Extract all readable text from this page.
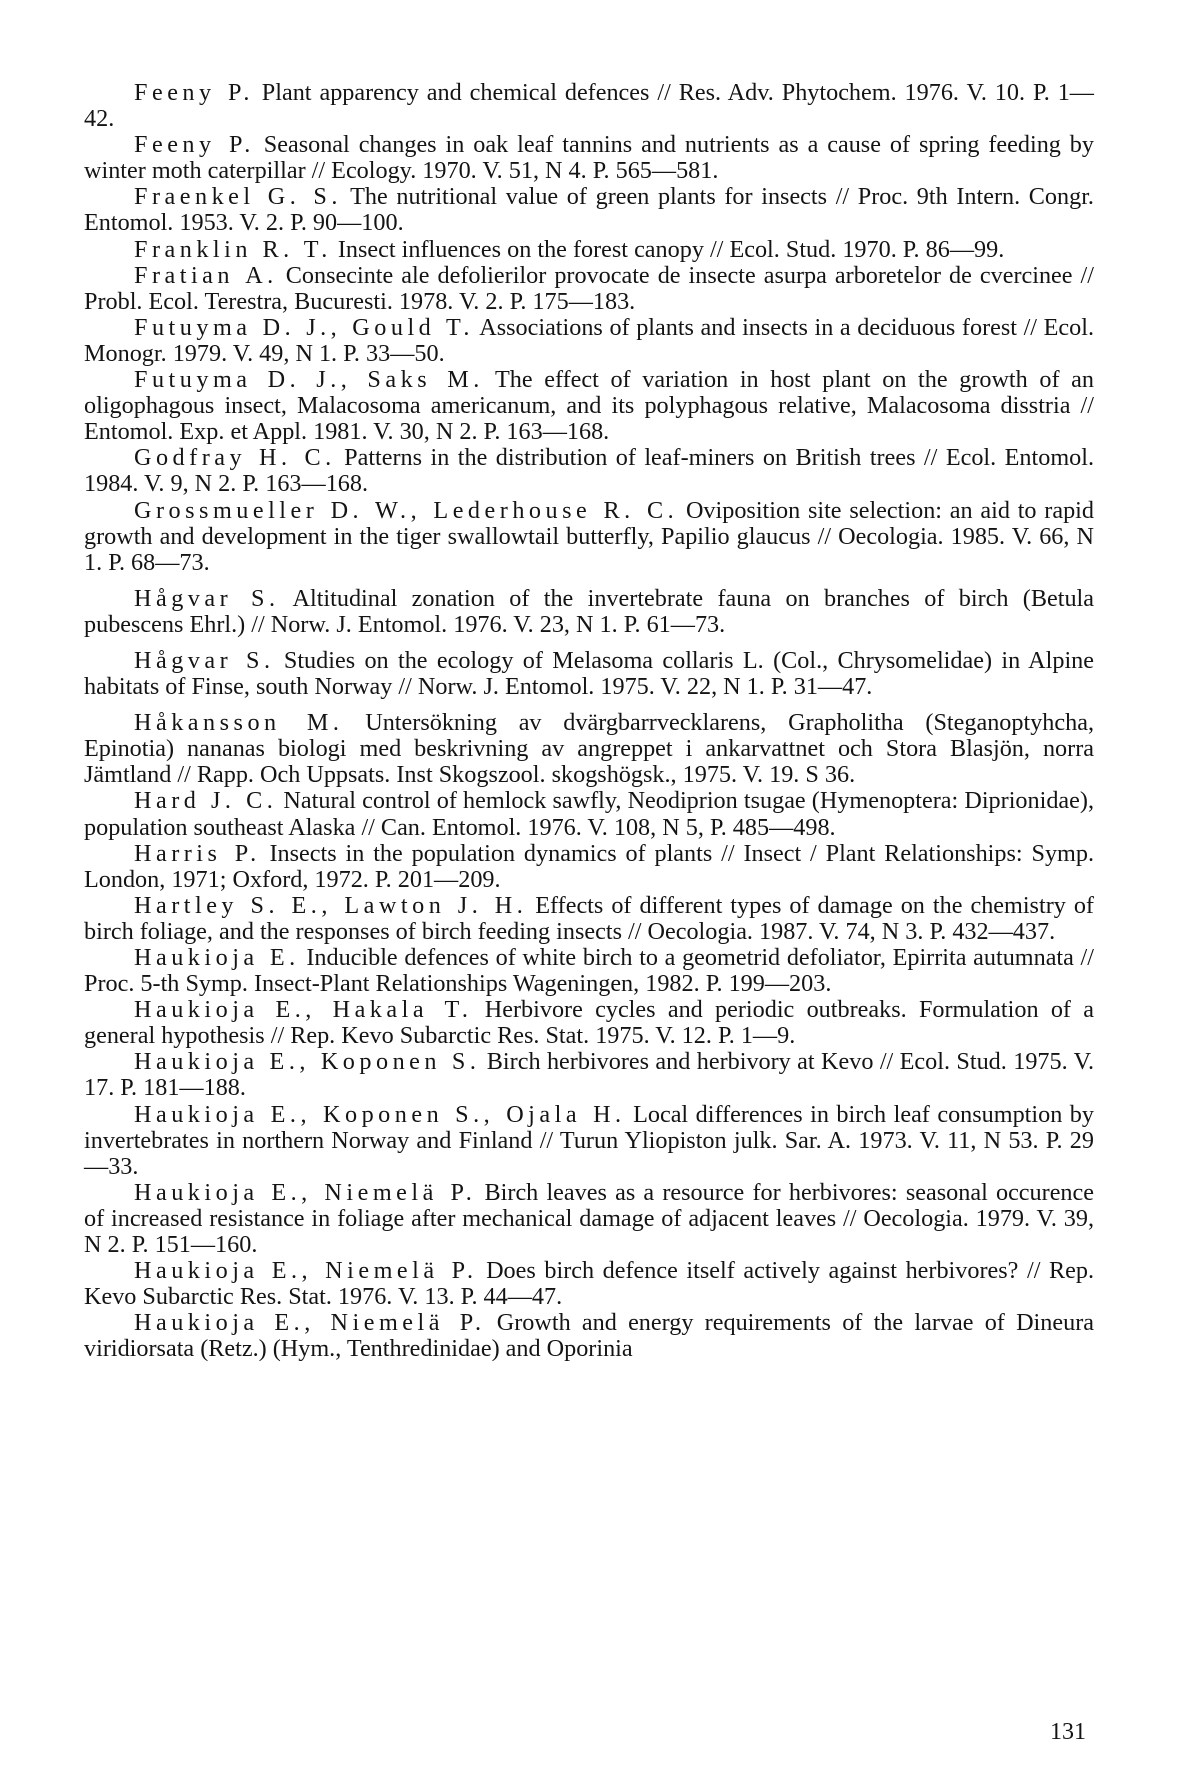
Feeny P. Plant apparency and chemical defences // Res. Adv. Phytochem. 1976. V. 10. P. 1—42.
Feeny P. Seasonal changes in oak leaf tannins and nutrients as a cause of spring feeding by winter moth caterpillar // Ecology. 1970. V. 51, N 4. P. 565—581.
Fraenkel G. S. The nutritional value of green plants for insects // Proc. 9th Intern. Congr. Entomol. 1953. V. 2. P. 90—100.
Franklin R. T. Insect influences on the forest canopy // Ecol. Stud. 1970. P. 86—99.
Fratian A. Consecinte ale defolierilor provocate de insecte asurpa arboretelor de cvercinee // Probl. Ecol. Terestra, Bucuresti. 1978. V. 2. P. 175—183.
Futuyma D. J., Gould T. Associations of plants and insects in a deciduous forest // Ecol. Monogr. 1979. V. 49, N 1. P. 33—50.
Futuyma D. J., Saks M. The effect of variation in host plant on the growth of an oligophagous insect, Malacosoma americanum, and its polyphagous relative, Malacosoma disstria // Entomol. Exp. et Appl. 1981. V. 30, N 2. P. 163—168.
Godfray H. C. Patterns in the distribution of leaf-miners on British trees // Ecol. Entomol. 1984. V. 9, N 2. P. 163—168.
Grossmueller D. W., Lederhouse R. C. Oviposition site selection: an aid to rapid growth and development in the tiger swallowtail butterfly, Papilio glaucus // Oecologia. 1985. V. 66, N 1. P. 68—73.
Hågvar S. Altitudinal zonation of the invertebrate fauna on branches of birch (Betula pubescens Ehrl.) // Norw. J. Entomol. 1976. V. 23, N 1. P. 61—73.
Hågvar S. Studies on the ecology of Melasoma collaris L. (Col., Chrysomelidae) in Alpine habitats of Finse, south Norway // Norw. J. Entomol. 1975. V. 22, N 1. P. 31—47.
Håkansson M. Untersökning av dvärgbarrvecklarens, Grapholitha (Steganoptyhcha, Epinotia) nananas biologi med beskrivning av angreppet i ankarvattnet och Stora Blasjön, norra Jämtland // Rapp. Och Uppsats. Inst Skogszool. skogshögsk., 1975. V. 19. S 36.
Hard J. C. Natural control of hemlock sawfly, Neodiprion tsugae (Hymenoptera: Diprionidae), population southeast Alaska // Can. Entomol. 1976. V. 108, N 5, P. 485—498.
Harris P. Insects in the population dynamics of plants // Insect / Plant Relationships: Symp. London, 1971; Oxford, 1972. P. 201—209.
Hartley S. E., Lawton J. H. Effects of different types of damage on the chemistry of birch foliage, and the responses of birch feeding insects // Oecologia. 1987. V. 74, N 3. P. 432—437.
Haukioja E. Inducible defences of white birch to a geometrid defoliator, Epirrita autumnata // Proc. 5-th Symp. Insect-Plant Relationships Wageningen, 1982. P. 199—203.
Haukioja E., Hakala T. Herbivore cycles and periodic outbreaks. Formulation of a general hypothesis // Rep. Kevo Subarctic Res. Stat. 1975. V. 12. P. 1—9.
Haukioja E., Koponen S. Birch herbivores and herbivory at Kevo // Ecol. Stud. 1975. V. 17. P. 181—188.
Haukioja E., Koponen S., Ojala H. Local differences in birch leaf consumption by invertebrates in northern Norway and Finland // Turun Yliopiston julk. Sar. A. 1973. V. 11, N 53. P. 29—33.
Haukioja E., Niemelä P. Birch leaves as a resource for herbivores: seasonal occurence of increased resistance in foliage after mechanical damage of adjacent leaves // Oecologia. 1979. V. 39, N 2. P. 151—160.
Haukioja E., Niemelä P. Does birch defence itself actively against herbivores? // Rep. Kevo Subarctic Res. Stat. 1976. V. 13. P. 44—47.
Haukioja E., Niemelä P. Growth and energy requirements of the larvae of Dineura viridiorsata (Retz.) (Hym., Tenthredinidae) and Oporinia
131
